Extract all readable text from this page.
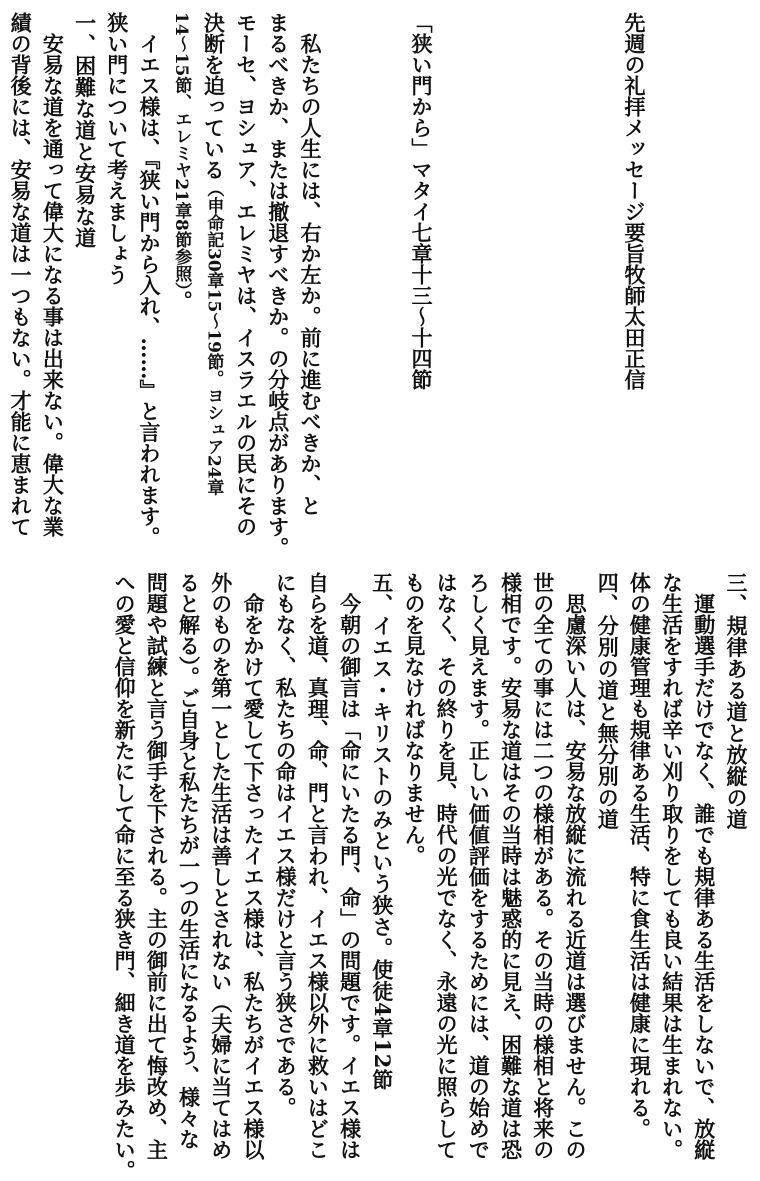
先週の礼拝メッセージ要旨牧師太田正信
「狭い門から」マタイ七章十三〜十四節
私たちの人生には、右か左か。前に進むべきか、と
まるべきか、または撤退すべきか。の分岐点があります。
モーセ、ヨシュア、エレミヤは、イスラエルの民にその
決断を迫っている（申命記30章15〜19節。ヨシュア24章
14〜15節、エレミヤ21章8節参照）。
イエス様は、『狭い門から入れ、……』と言われます。
狭い門について考えましょう
一、困難な道と安易な道
安易な道を通って偉大になる事は出来ない。偉大な業
績の背後には、安易な道は一つもない。才能に恵まれて
三、規律ある道と放縦の道
運動選手だけでなく、誰でも規律ある生活をしないで、放縦
な生活をすれば辛い刈り取りをしても良い結果は生まれない。
体の健康管理も規律ある生活、特に食生活は健康に現れる。
四、分別の道と無分別の道
思慮深い人は、安易な放縦に流れる近道は選びません。この
世の全ての事には二つの様相がある。その当時の様相と将来の
様相です。安易な道はその当時は魅惑的に見え、困難な道は恐
ろしく見えます。正しい価値評価をするためには、道の始めで
はなく、その終りを見、時代の光でなく、永遠の光に照らして
ものを見なければなりません。
五、イエス・キリストのみという狭さ。使徒4章12節
今朝の御言は「命にいたる門、命」の問題です。イエス様は
自らを道、真理、命、門と言われ、イエス様以外に救いはどこ
にもなく、私たちの命はイエス様だけと言う狭さである。
命をかけて愛して下さったイエス様は、私たちがイエス様以
外のものを第一とした生活は善しとされない（夫婦に当てはめ
ると解る）。ご自身と私たちが一つの生活になるよう、様々な
問題や試練と言う御手を下される。主の御前に出て悔改め、主
への愛と信仰を新たにして命に至る狭き門、細き道を歩みたい。
